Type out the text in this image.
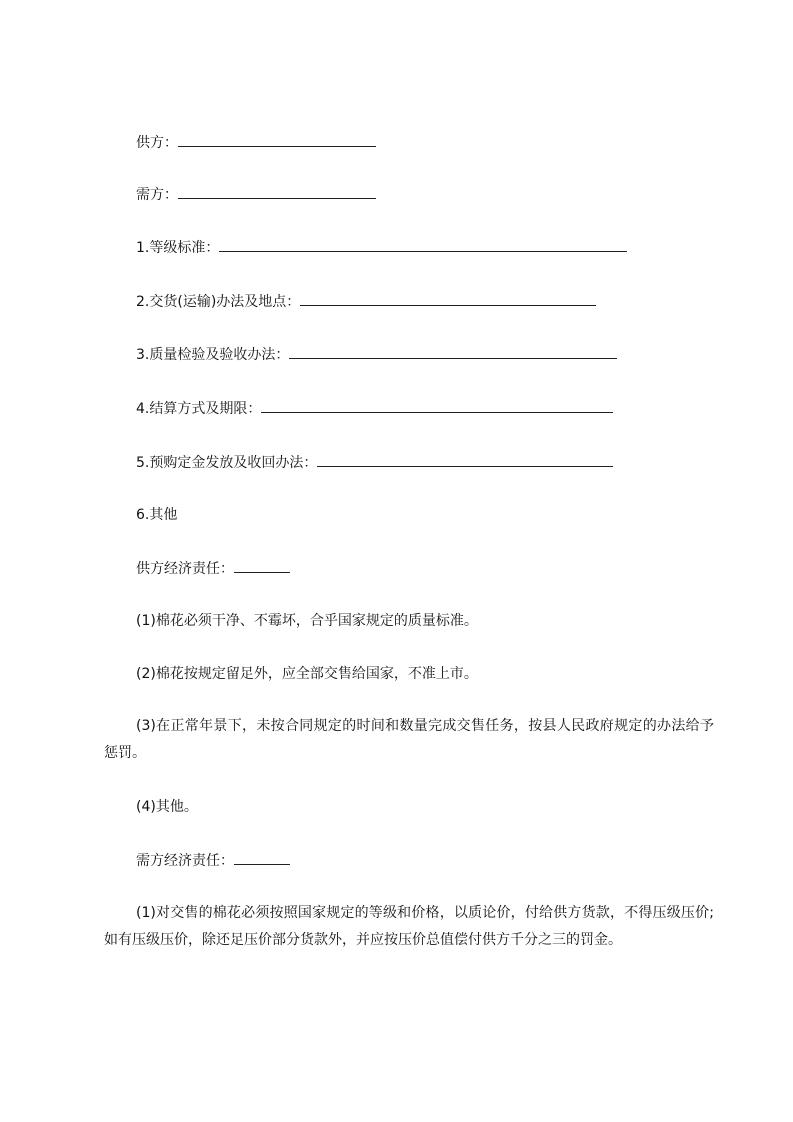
供方：
需方：
1.等级标准：
2.交货(运输)办法及地点：
3.质量检验及验收办法：
4.结算方式及期限：
5.预购定金发放及收回办法：
6.其他
供方经济责任：
(1)棉花必须干净、不霉坏，合乎国家规定的质量标准。
(2)棉花按规定留足外，应全部交售给国家，不准上市。
(3)在正常年景下，未按合同规定的时间和数量完成交售任务，按县人民政府规定的办法给予惩罚。
(4)其他。
需方经济责任：
(1)对交售的棉花必须按照国家规定的等级和价格，以质论价，付给供方货款，不得压级压价;如有压级压价，除还足压价部分货款外，并应按压价总值偿付供方千分之三的罚金。
